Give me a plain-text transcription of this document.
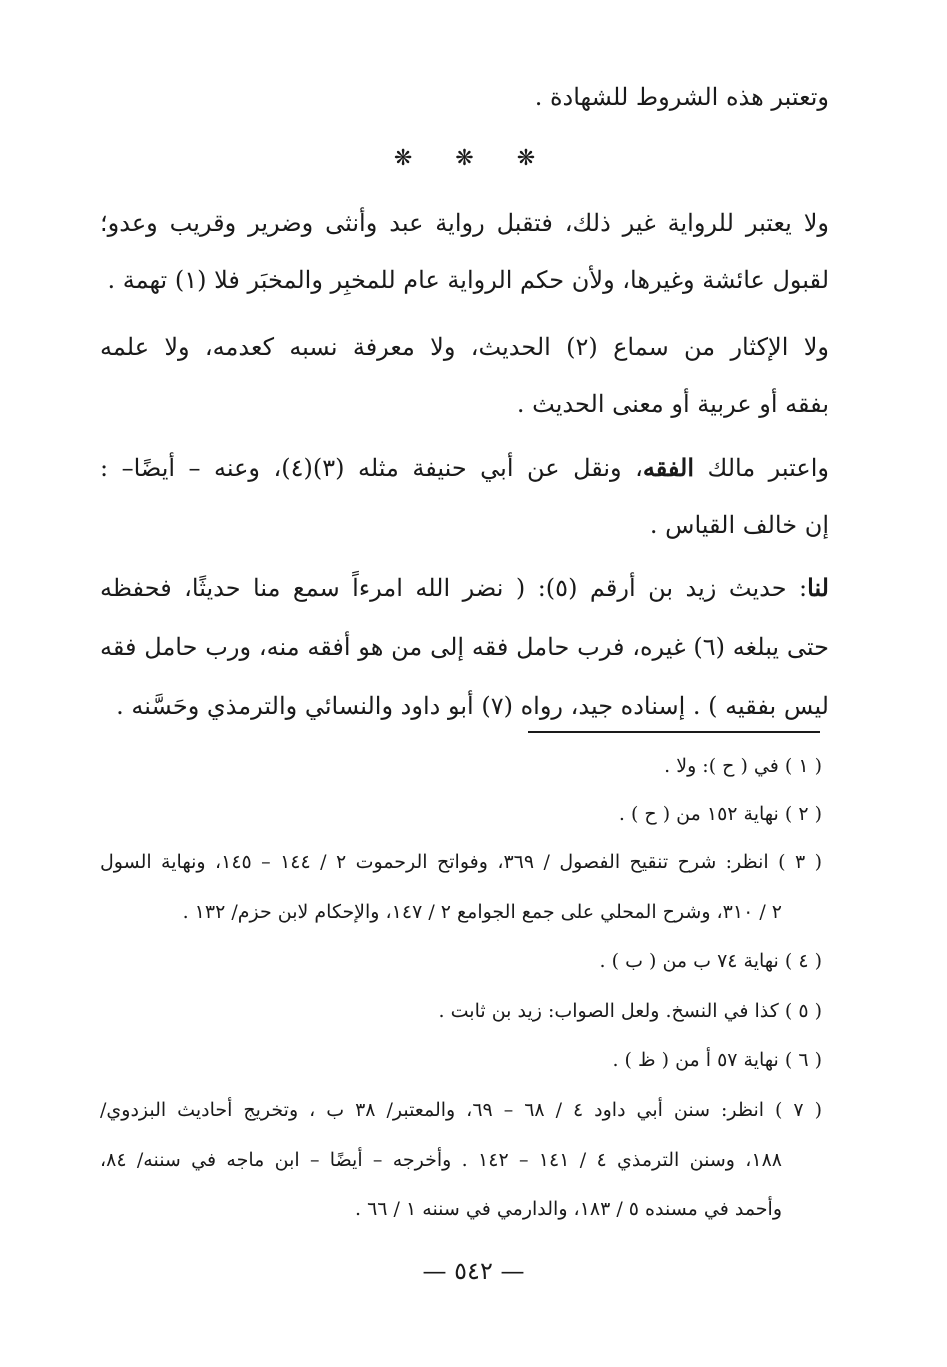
وتعتبر هذه الشروط للشهادة .
❋ ❋ ❋
ولا يعتبر للرواية غير ذلك، فتقبل رواية عبد وأنثى وضرير وقريب وعدو؛
لقبول عائشة وغيرها، ولأن حكم الرواية عام للمخبِر والمخبَر فلا (١) تهمة .
ولا الإكثار من سماع (٢) الحديث، ولا معرفة نسبه كعدمه، ولا علمه
بفقه أو عربية أو معنى الحديث .
واعتبر مالك الفقه، ونقل عن أبي حنيفة مثله (٣)(٤)، وعنه – أيضًا– :
إن خالف القياس .
لنا: حديث زيد بن أرقم (٥): ( نضر الله امرءاً سمع منا حديثًا، فحفظه
حتى يبلغه (٦) غيره، فرب حامل فقه إلى من هو أفقه منه، ورب حامل فقه
ليس بفقيه ) . إسناده جيد، رواه (٧) أبو داود والنسائي والترمذي وحَسَّنه .
( ١ ) في ( ح ): ولا .
( ٢ ) نهاية ١٥٢ من ( ح ) .
( ٣ ) انظر: شرح تنقيح الفصول / ٣٦٩، وفواتح الرحموت ٢ / ١٤٤ – ١٤٥، ونهاية السول
٢ / ٣١٠، وشرح المحلي على جمع الجوامع ٢ / ١٤٧، والإحكام لابن حزم/ ١٣٢ .
( ٤ ) نهاية ٧٤ ب من ( ب ) .
( ٥ ) كذا في النسخ. ولعل الصواب: زيد بن ثابت .
( ٦ ) نهاية ٥٧ أ من ( ظ ) .
( ٧ ) انظر: سنن أبي داود ٤ / ٦٨ – ٦٩، والمعتبر/ ٣٨ ب ، وتخريج أحاديث البزدوي/
١٨٨، وسنن الترمذي ٤ / ١٤١ – ١٤٢ . وأخرجه – أيضًا – ابن ماجه في سننه/ ٨٤،
وأحمد في مسنده ٥ / ١٨٣، والدارمي في سننه ١ / ٦٦ .
— ٥٤٢ —
